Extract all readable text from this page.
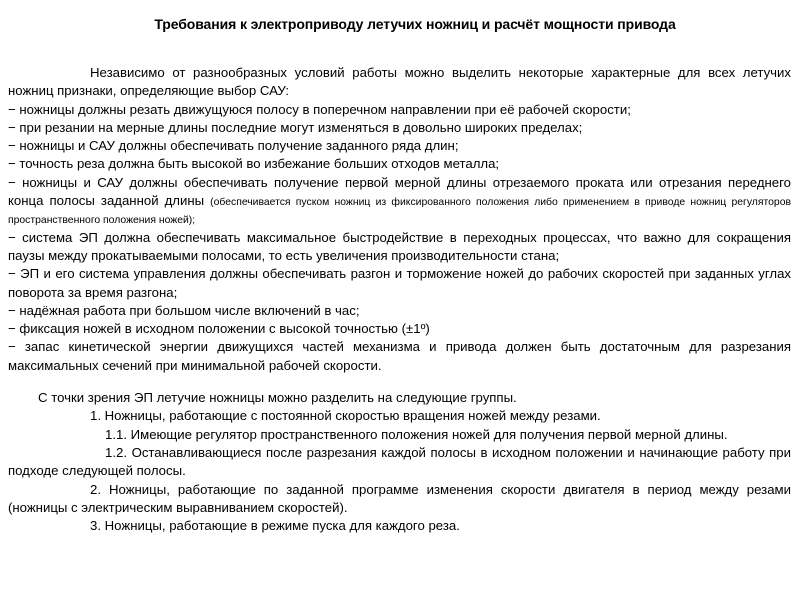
Требования к электроприводу летучих ножниц и расчёт мощности привода

Независимо от разнообразных условий работы можно выделить некоторые характерные для всех летучих ножниц признаки, определяющие выбор САУ:

− ножницы должны резать движущуюся полосу в поперечном направлении при её рабочей скорости;

− при резании на мерные длины последние могут изменяться в довольно широких пределах;

− ножницы и САУ должны обеспечивать получение заданного ряда длин;

− точность реза должна быть высокой во избежание больших отходов металла;

− ножницы и САУ должны обеспечивать получение первой мерной длины отрезаемого проката или отрезания переднего конца полосы заданной длины (обеспечивается пуском ножниц из фиксированного положения либо применением в приводе ножниц регуляторов пространственного положения ножей);

− система ЭП должна обеспечивать максимальное быстродействие в переходных процессах, что важно для сокращения паузы между прокатываемыми полосами, то есть увеличения производительности стана;

− ЭП и его система управления должны обеспечивать разгон и торможение ножей до рабочих скоростей при заданных углах поворота за время разгона;

− надёжная работа при большом числе включений в час;

− фиксация ножей в исходном положении с высокой точностью (±1º)

− запас кинетической энергии движущихся частей механизма и привода должен быть достаточным для разрезания максимальных сечений при минимальной рабочей скорости.

С точки зрения ЭП летучие ножницы можно разделить на следующие группы.

1. Ножницы, работающие с постоянной скоростью вращения ножей между резами.

1.1. Имеющие регулятор пространственного положения ножей для получения первой мерной длины.

1.2. Останавливающиеся после разрезания каждой полосы в исходном положении и начинающие работу при подходе следующей полосы.

2. Ножницы, работающие по заданной программе изменения скорости двигателя в период между резами (ножницы с электрическим выравниванием скоростей).

3. Ножницы, работающие в режиме пуска для каждого реза.
